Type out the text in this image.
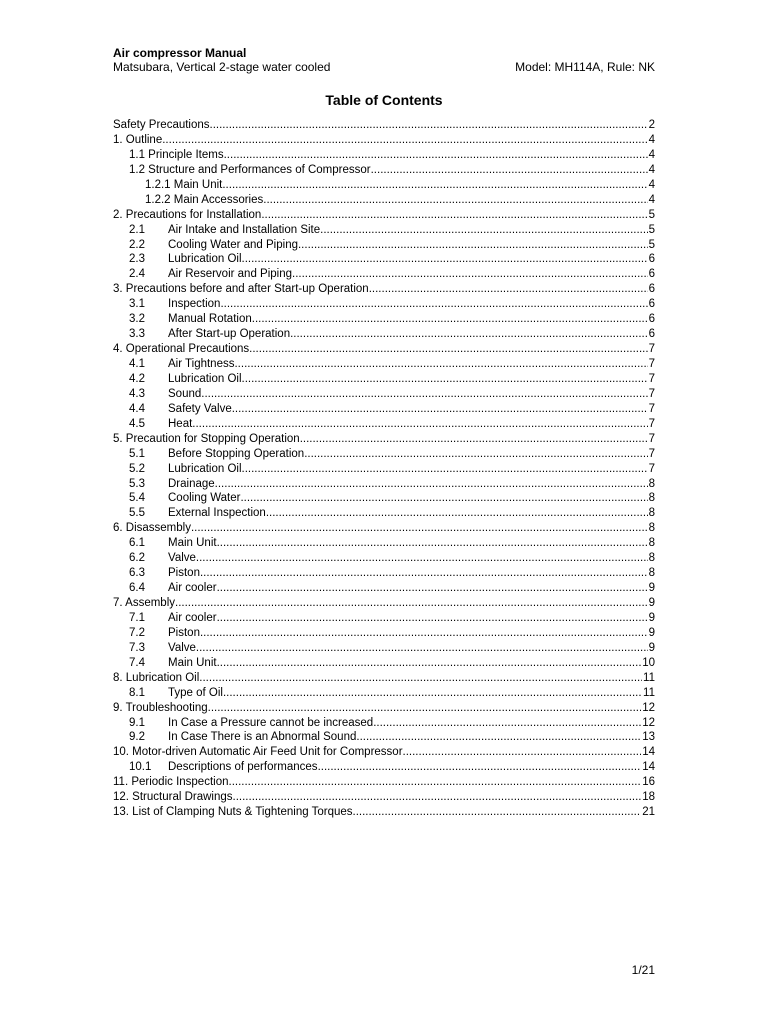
Air compressor Manual
Matsubara, Vertical 2-stage water cooled	Model: MH114A, Rule: NK
Table of Contents
Safety Precautions .....	2
1. Outline .....	4
1.1 Principle Items .....	4
1.2 Structure and Performances of Compressor .....	4
1.2.1 Main Unit .....	4
1.2.2 Main Accessories .....	4
2. Precautions for Installation .....	5
2.1	Air Intake and Installation Site .....	5
2.2	Cooling Water and Piping .....	5
2.3	Lubrication Oil .....	6
2.4	Air Reservoir and Piping .....	6
3. Precautions before and after Start-up Operation .....	6
3.1	Inspection .....	6
3.2	Manual Rotation .....	6
3.3	After Start-up Operation .....	6
4. Operational Precautions .....	7
4.1	Air Tightness .....	7
4.2	Lubrication Oil .....	7
4.3	Sound .....	7
4.4	Safety Valve .....	7
4.5	Heat .....	7
5. Precaution for Stopping Operation .....	7
5.1	Before Stopping Operation .....	7
5.2	Lubrication Oil .....	7
5.3	Drainage .....	8
5.4	Cooling Water .....	8
5.5	External Inspection .....	8
6. Disassembly .....	8
6.1	Main Unit .....	8
6.2	Valve .....	8
6.3	Piston .....	8
6.4	Air cooler .....	9
7. Assembly .....	9
7.1	Air cooler .....	9
7.2	Piston .....	9
7.3	Valve .....	9
7.4	Main Unit .....	10
8. Lubrication Oil .....	11
8.1	Type of Oil .....	11
9. Troubleshooting .....	12
9.1	In Case a Pressure cannot be increased .....	12
9.2	In Case There is an Abnormal Sound .....	13
10. Motor-driven Automatic Air Feed Unit for Compressor .....	14
10.1	Descriptions of performances .....	14
11. Periodic Inspection .....	16
12. Structural Drawings .....	18
13. List of Clamping Nuts & Tightening Torques .....	21
1/21
